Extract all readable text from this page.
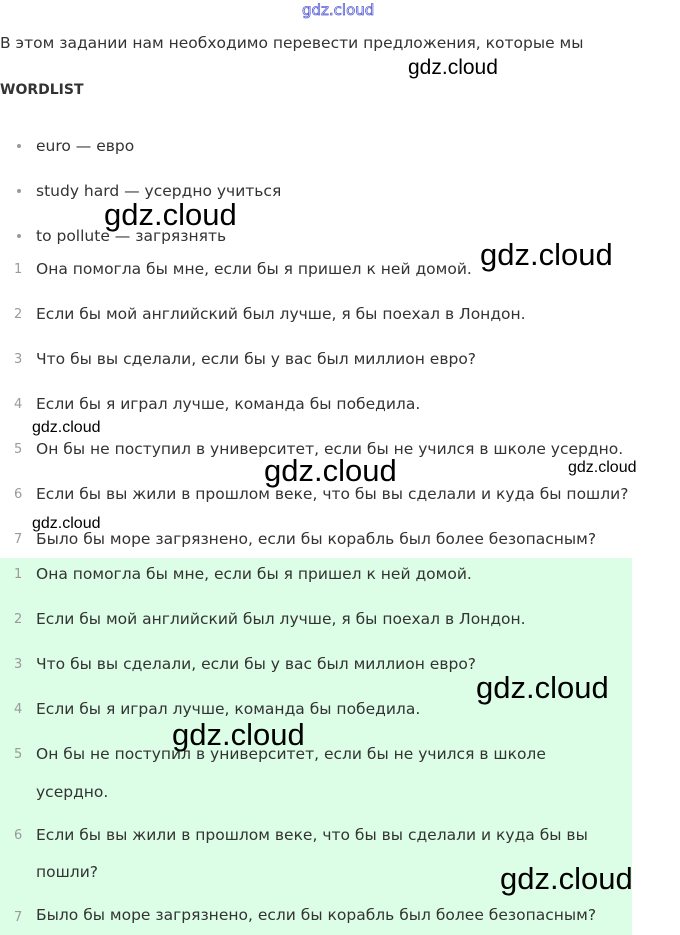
gdz.cloud
В этом задании нам необходимо перевести предложения, которые мы
WORDLIST
euro — евро
study hard — усердно учиться
to pollute — загрязнять
1 Она помогла бы мне, если бы я пришел к ней домой.
2 Если бы мой английский был лучше, я бы поехал в Лондон.
3 Что бы вы сделали, если бы у вас был миллион евро?
4 Если бы я играл лучше, команда бы победила.
5 Он бы не поступил в университет, если бы не учился в школе усердно.
6 Если бы вы жили в прошлом веке, что бы вы сделали и куда бы пошли?
7 Было бы море загрязнено, если бы корабль был более безопасным?
1 Она помогла бы мне, если бы я пришел к ней домой.
2 Если бы мой английский был лучше, я бы поехал в Лондон.
3 Что бы вы сделали, если бы у вас был миллион евро?
4 Если бы я играл лучше, команда бы победила.
5 Он бы не поступил в университет, если бы не учился в школе
усердно.
6 Если бы вы жили в прошлом веке, что бы вы сделали и куда бы вы
пошли?
7 Было бы море загрязнено, если бы корабль был более безопасным?
gdz.cloud
gdz.cloud
gdz.cloud
gdz.cloud
gdz.cloud	gdz.cloud
gdz.cloud
gdz.cloud
gdz.cloud
gdz.cloud
